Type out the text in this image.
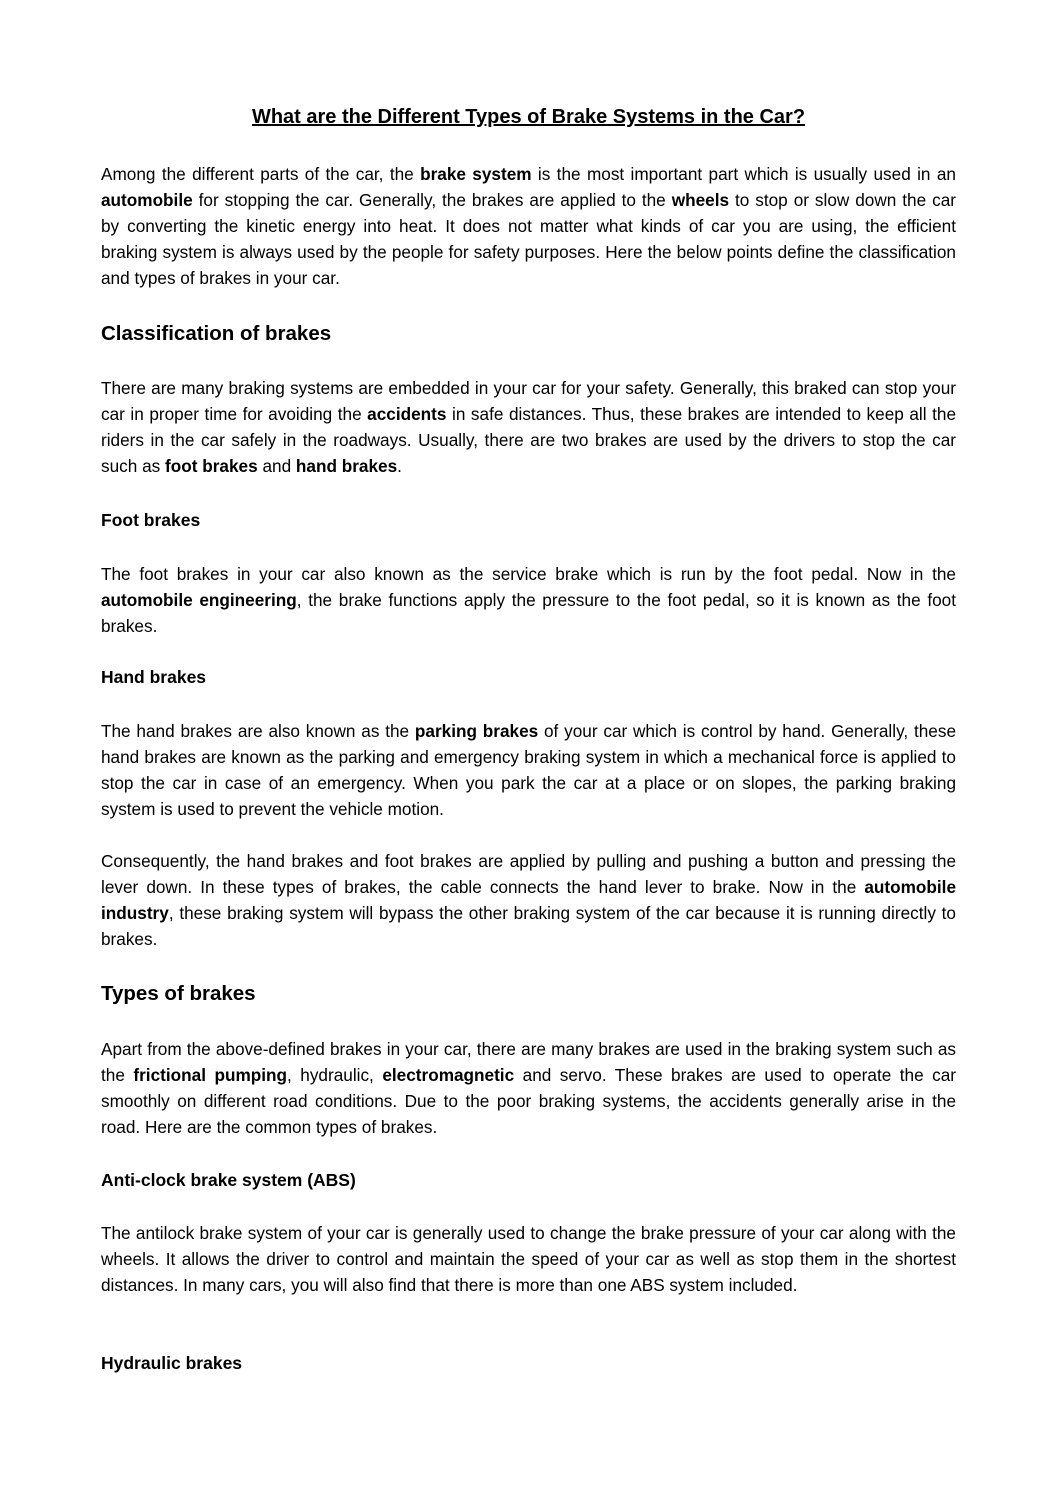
What are the Different Types of Brake Systems in the Car?

Among the different parts of the car, the brake system is the most important part which is usually used in an automobile for stopping the car. Generally, the brakes are applied to the wheels to stop or slow down the car by converting the kinetic energy into heat. It does not matter what kinds of car you are using, the efficient braking system is always used by the people for safety purposes. Here the below points define the classification and types of brakes in your car.

Classification of brakes

There are many braking systems are embedded in your car for your safety. Generally, this braked can stop your car in proper time for avoiding the accidents in safe distances. Thus, these brakes are intended to keep all the riders in the car safely in the roadways. Usually, there are two brakes are used by the drivers to stop the car such as foot brakes and hand brakes.

Foot brakes

The foot brakes in your car also known as the service brake which is run by the foot pedal. Now in the automobile engineering, the brake functions apply the pressure to the foot pedal, so it is known as the foot brakes.

Hand brakes

The hand brakes are also known as the parking brakes of your car which is control by hand. Generally, these hand brakes are known as the parking and emergency braking system in which a mechanical force is applied to stop the car in case of an emergency. When you park the car at a place or on slopes, the parking braking system is used to prevent the vehicle motion.

Consequently, the hand brakes and foot brakes are applied by pulling and pushing a button and pressing the lever down. In these types of brakes, the cable connects the hand lever to brake. Now in the automobile industry, these braking system will bypass the other braking system of the car because it is running directly to brakes.

Types of brakes

Apart from the above-defined brakes in your car, there are many brakes are used in the braking system such as the frictional pumping, hydraulic, electromagnetic and servo. These brakes are used to operate the car smoothly on different road conditions. Due to the poor braking systems, the accidents generally arise in the road. Here are the common types of brakes.

Anti-clock brake system (ABS)

The antilock brake system of your car is generally used to change the brake pressure of your car along with the wheels. It allows the driver to control and maintain the speed of your car as well as stop them in the shortest distances. In many cars, you will also find that there is more than one ABS system included.

Hydraulic brakes
